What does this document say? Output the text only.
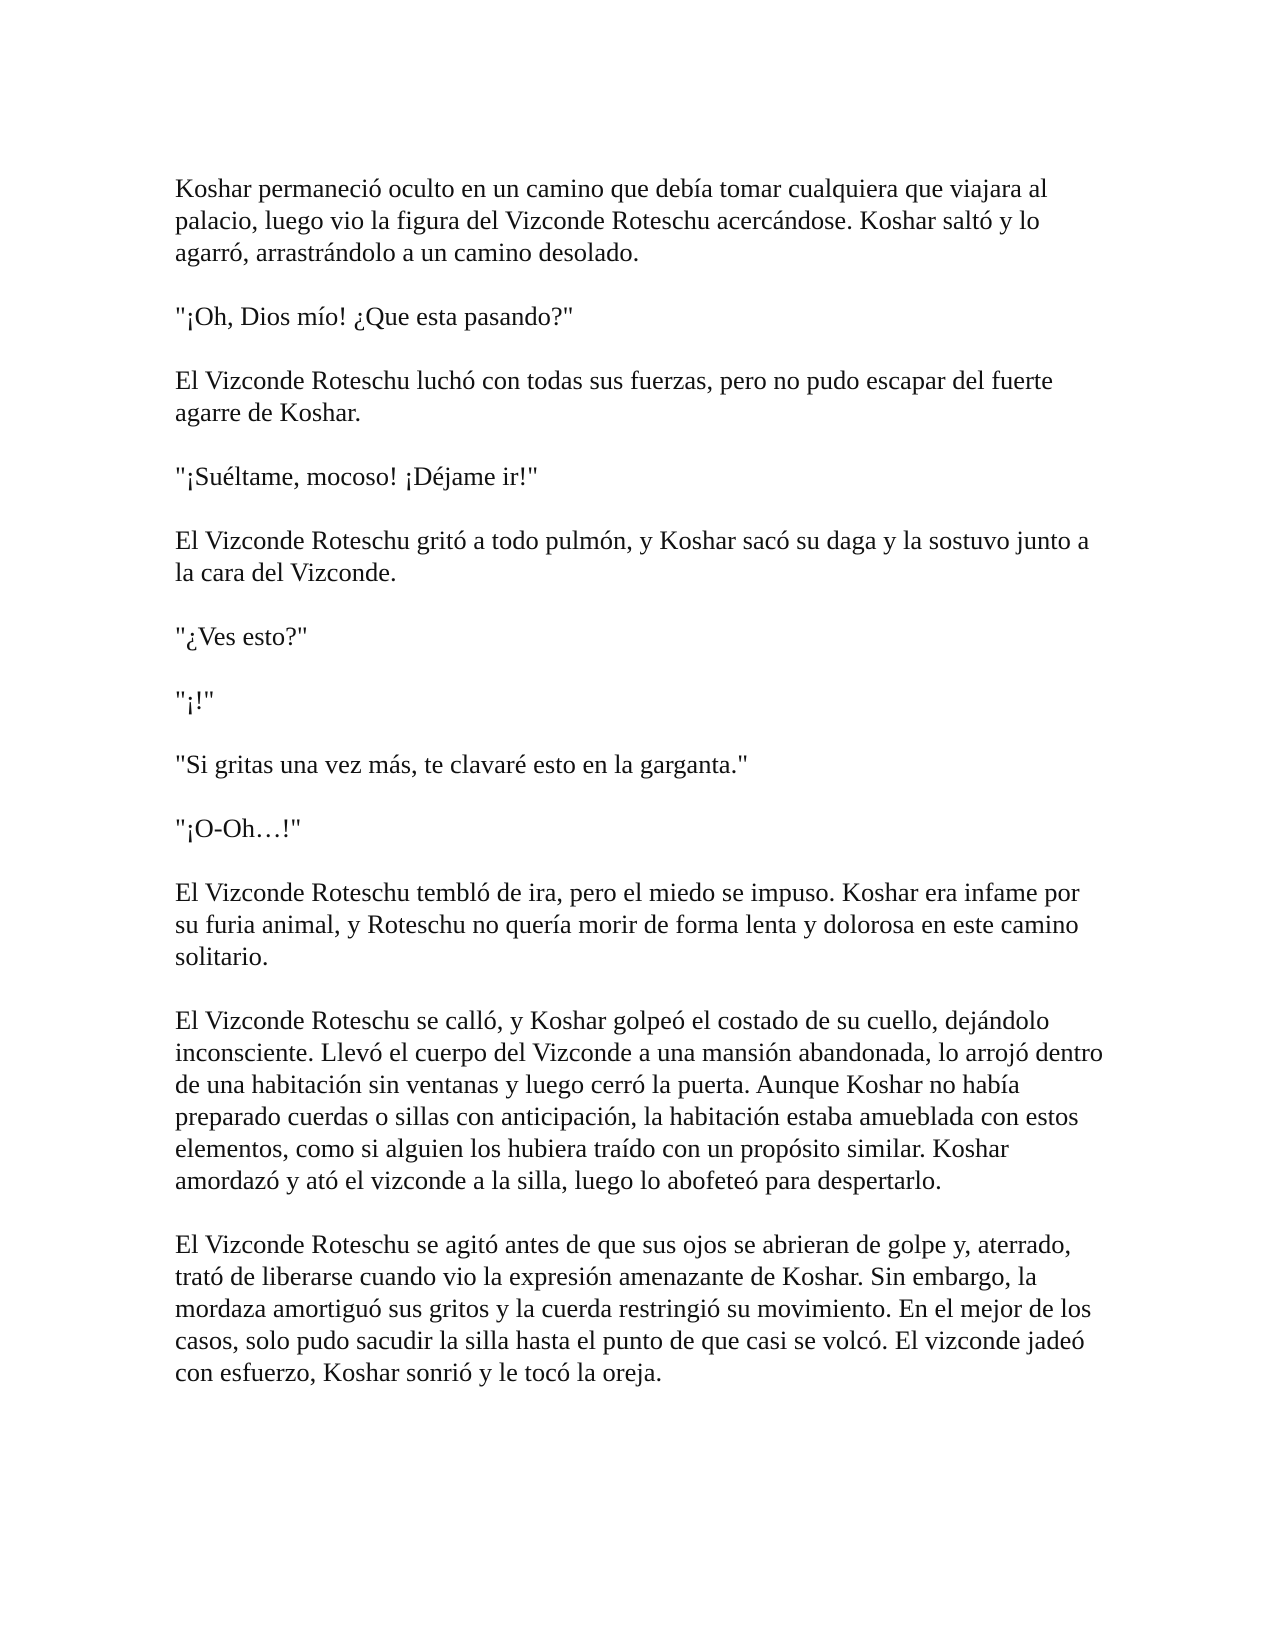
Koshar permaneció oculto en un camino que debía tomar cualquiera que viajara al palacio, luego vio la figura del Vizconde Roteschu acercándose. Koshar saltó y lo agarró, arrastrándolo a un camino desolado.

"¡Oh, Dios mío! ¿Que esta pasando?"

El Vizconde Roteschu luchó con todas sus fuerzas, pero no pudo escapar del fuerte agarre de Koshar.

"¡Suéltame, mocoso! ¡Déjame ir!"

El Vizconde Roteschu gritó a todo pulmón, y Koshar sacó su daga y la sostuvo junto a la cara del Vizconde.

"¿Ves esto?"

"¡!"

"Si gritas una vez más, te clavaré esto en la garganta."

"¡O-Oh…!"

El Vizconde Roteschu tembló de ira, pero el miedo se impuso. Koshar era infame por su furia animal, y Roteschu no quería morir de forma lenta y dolorosa en este camino solitario.

El Vizconde Roteschu se calló, y Koshar golpeó el costado de su cuello, dejándolo inconsciente. Llevó el cuerpo del Vizconde a una mansión abandonada, lo arrojó dentro de una habitación sin ventanas y luego cerró la puerta. Aunque Koshar no había preparado cuerdas o sillas con anticipación, la habitación estaba amueblada con estos elementos, como si alguien los hubiera traído con un propósito similar. Koshar amordazó y ató el vizconde a la silla, luego lo abofeteó para despertarlo.

El Vizconde Roteschu se agitó antes de que sus ojos se abrieran de golpe y, aterrado, trató de liberarse cuando vio la expresión amenazante de Koshar. Sin embargo, la mordaza amortiguó sus gritos y la cuerda restringió su movimiento. En el mejor de los casos, solo pudo sacudir la silla hasta el punto de que casi se volcó. El vizconde jadeó con esfuerzo, Koshar sonrió y le tocó la oreja.
